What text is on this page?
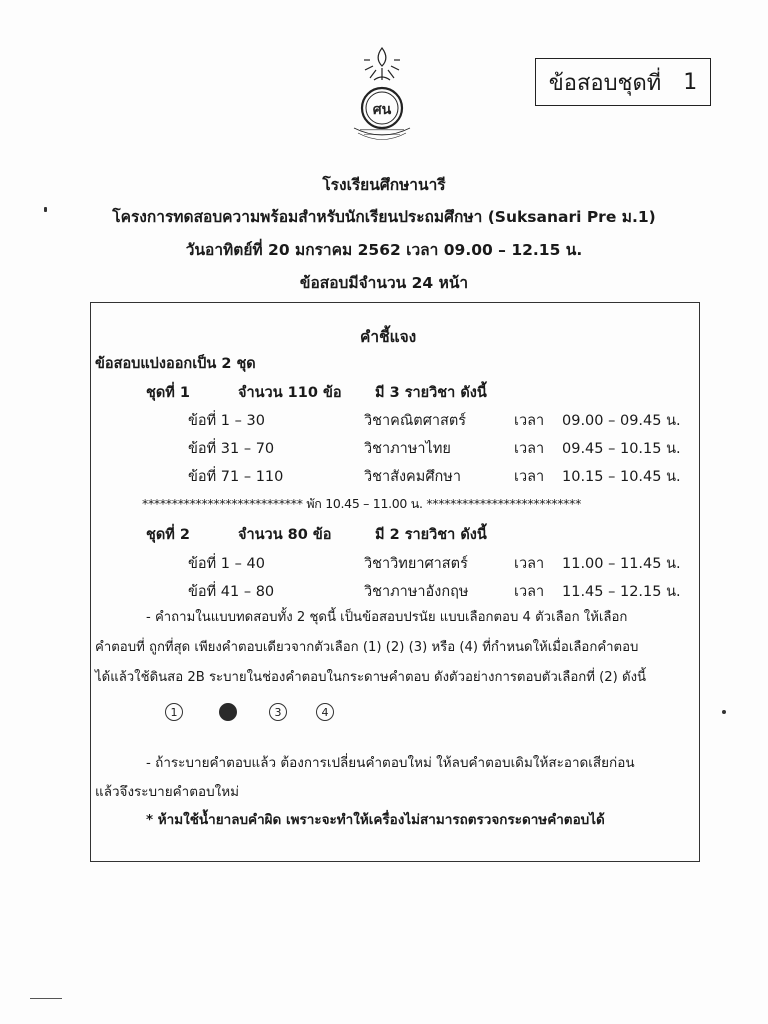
ศน
ข้อสอบชุดที่ 1
โรงเรียนศึกษานารี
โครงการทดสอบความพร้อมสำหรับนักเรียนประถมศึกษา (Suksanari Pre ม.1)
วันอาทิตย์ที่ 20 มกราคม 2562 เวลา 09.00 – 12.15 น.
ข้อสอบมีจำนวน 24 หน้า
คำชี้แจง
ข้อสอบแบ่งออกเป็น 2 ชุด
ชุดที่ 1	จำนวน 110 ข้อ มี 3 รายวิชา ดังนี้
ข้อที่ 1 – 30	วิชาคณิตศาสตร์	เวลา 09.00 – 09.45 น.
ข้อที่ 31 – 70	วิชาภาษาไทย	เวลา 09.45 – 10.15 น.
ข้อที่ 71 – 110	วิชาสังคมศึกษา	เวลา 10.15 – 10.45 น.
*************************** พัก 10.45 – 11.00 น. **************************
ชุดที่ 2	จำนวน 80 ข้อ	มี 2 รายวิชา ดังนี้
ข้อที่ 1 – 40	วิชาวิทยาศาสตร์	เวลา 11.00 – 11.45 น.
ข้อที่ 41 – 80	วิชาภาษาอังกฤษ	เวลา 11.45 – 12.15 น.
- คำถามในแบบทดสอบทั้ง 2 ชุดนี้ เป็นข้อสอบปรนัย แบบเลือกตอบ 4 ตัวเลือก ให้เลือก
คำตอบที่ ถูกที่สุด เพียงคำตอบเดียวจากตัวเลือก (1) (2) (3) หรือ (4) ที่กำหนดให้เมื่อเลือกคำตอบ
ได้แล้วใช้ดินสอ 2B ระบายในช่องคำตอบในกระดาษคำตอบ ดังตัวอย่างการตอบตัวเลือกที่ (2) ดังนี้
1	2	3	4
- ถ้าระบายคำตอบแล้ว ต้องการเปลี่ยนคำตอบใหม่ ให้ลบคำตอบเดิมให้สะอาดเสียก่อน
แล้วจึงระบายคำตอบใหม่
* ห้ามใช้น้ำยาลบคำผิด เพราะจะทำให้เครื่องไม่สามารถตรวจกระดาษคำตอบได้
